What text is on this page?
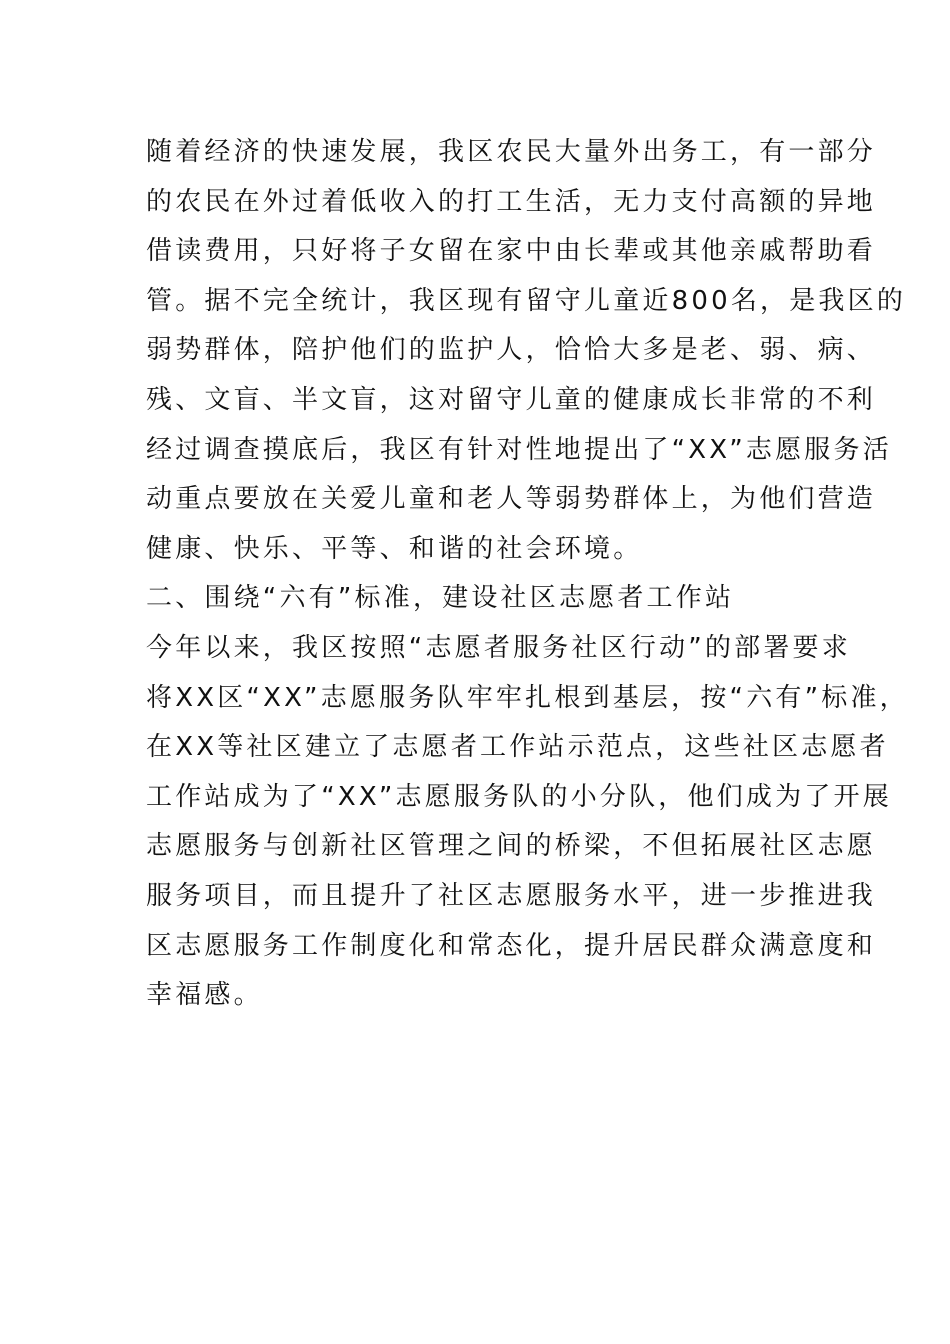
随着经济的快速发展，我区农民大量外出务工，有一部分
的农民在外过着低收入的打工生活，无力支付高额的异地
借读费用，只好将子女留在家中由长辈或其他亲戚帮助看
管。据不完全统计，我区现有留守儿童近800名，是我区的
弱势群体，陪护他们的监护人，恰恰大多是老、弱、病、
残、文盲、半文盲，这对留守儿童的健康成长非常的不利
经过调查摸底后，我区有针对性地提出了“XX”志愿服务活
动重点要放在关爱儿童和老人等弱势群体上，为他们营造
健康、快乐、平等、和谐的社会环境。
二、围绕“六有”标准，建设社区志愿者工作站
今年以来，我区按照“志愿者服务社区行动”的部署要求
将XX区“XX”志愿服务队牢牢扎根到基层，按“六有”标准，
在XX等社区建立了志愿者工作站示范点，这些社区志愿者
工作站成为了“XX”志愿服务队的小分队，他们成为了开展
志愿服务与创新社区管理之间的桥梁，不但拓展社区志愿
服务项目，而且提升了社区志愿服务水平，进一步推进我
区志愿服务工作制度化和常态化，提升居民群众满意度和
幸福感。
